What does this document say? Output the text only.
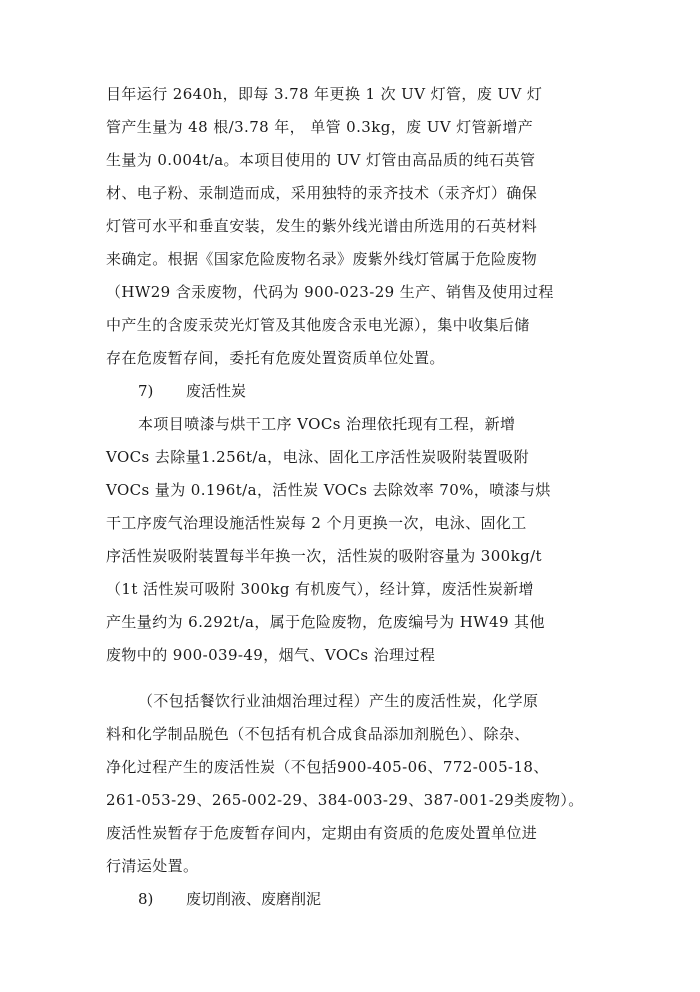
目年运行 2640h，即每 3.78 年更换 1 次 UV 灯管，废 UV 灯
管产生量为 48 根/3.78 年， 单管 0.3kg，废 UV 灯管新增产
生量为 0.004t/a。本项目使用的 UV 灯管由高品质的纯石英管
材、电子粉、汞制造而成，采用独特的汞齐技术（汞齐灯）确保
灯管可水平和垂直安装，发生的紫外线光谱由所选用的石英材料
来确定。根据《国家危险废物名录》废紫外线灯管属于危险废物
（HW29 含汞废物，代码为 900-023-29 生产、销售及使用过程
中产生的含废汞荧光灯管及其他废含汞电光源），集中收集后储
存在危废暂存间，委托有危废处置资质单位处置。
7) 废活性炭
本项目喷漆与烘干工序 VOCs 治理依托现有工程，新增
VOCs 去除量1.256t/a，电泳、固化工序活性炭吸附装置吸附
VOCs 量为 0.196t/a，活性炭 VOCs 去除效率 70%，喷漆与烘
干工序废气治理设施活性炭每 2 个月更换一次，电泳、固化工
序活性炭吸附装置每半年换一次，活性炭的吸附容量为 300kg/t
（1t 活性炭可吸附 300kg 有机废气），经计算，废活性炭新增
产生量约为 6.292t/a，属于危险废物，危废编号为 HW49 其他
废物中的 900-039-49，烟气、VOCs 治理过程
（不包括餐饮行业油烟治理过程）产生的废活性炭，化学原
料和化学制品脱色（不包括有机合成食品添加剂脱色）、除杂、
净化过程产生的废活性炭（不包括900-405-06、772-005-18、
261-053-29、265-002-29、384-003-29、387-001-29类废物）。
废活性炭暂存于危废暂存间内，定期由有资质的危废处置单位进
行清运处置。
8) 废切削液、废磨削泥
